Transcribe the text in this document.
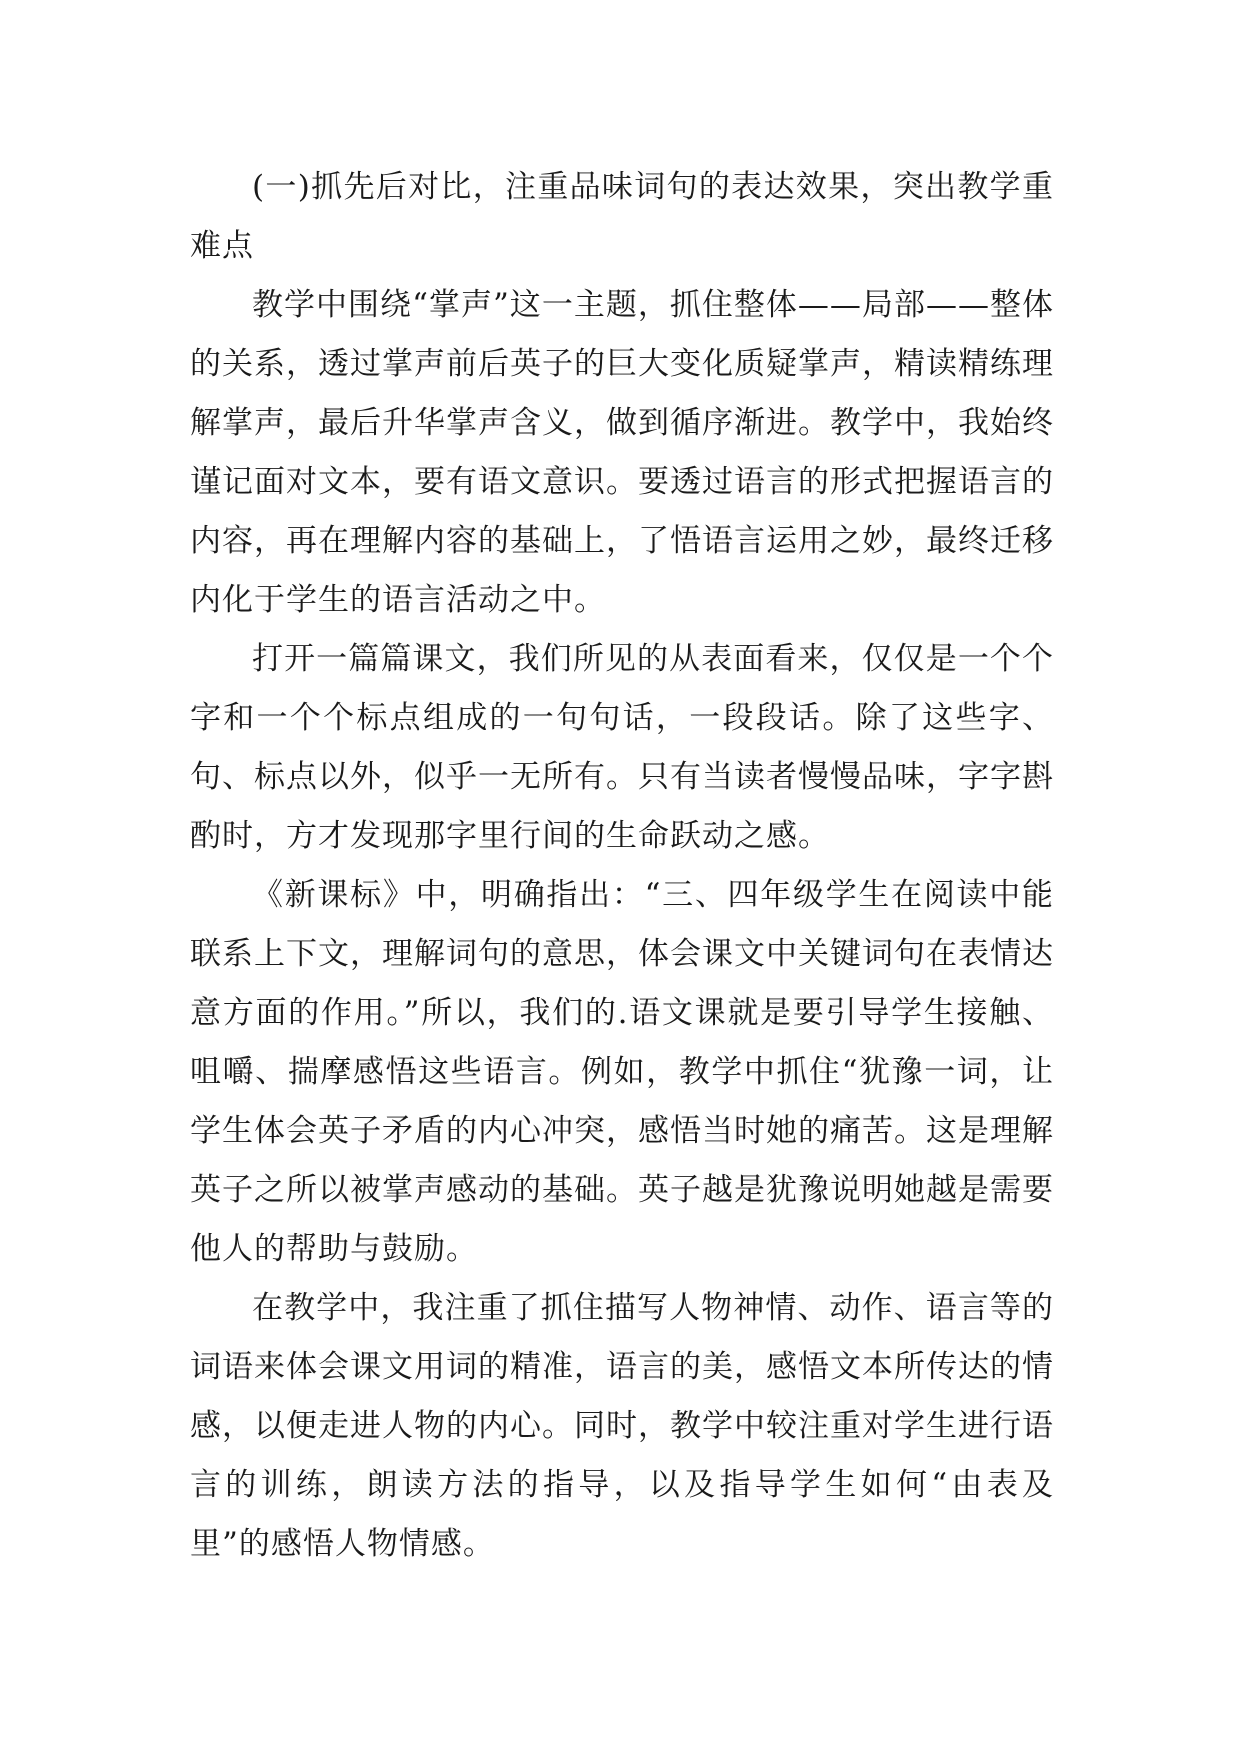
(一)抓先后对比，注重品味词句的表达效果，突出教学重难点

教学中围绕“掌声”这一主题，抓住整体——局部——整体的关系，透过掌声前后英子的巨大变化质疑掌声，精读精练理解掌声，最后升华掌声含义，做到循序渐进。教学中，我始终谨记面对文本，要有语文意识。要透过语言的形式把握语言的内容，再在理解内容的基础上，了悟语言运用之妙，最终迁移内化于学生的语言活动之中。

打开一篇篇课文，我们所见的从表面看来，仅仅是一个个字和一个个标点组成的一句句话，一段段话。除了这些字、句、标点以外，似乎一无所有。只有当读者慢慢品味，字字斟酌时，方才发现那字里行间的生命跃动之感。

《新课标》中，明确指出：“三、四年级学生在阅读中能联系上下文，理解词句的意思，体会课文中关键词句在表情达意方面的作用。”所以，我们的.语文课就是要引导学生接触、咀嚼、揣摩感悟这些语言。例如，教学中抓住“犹豫一词，让学生体会英子矛盾的内心冲突，感悟当时她的痛苦。这是理解英子之所以被掌声感动的基础。英子越是犹豫说明她越是需要他人的帮助与鼓励。

在教学中，我注重了抓住描写人物神情、动作、语言等的词语来体会课文用词的精准，语言的美，感悟文本所传达的情感，以便走进人物的内心。同时，教学中较注重对学生进行语言的训练，朗读方法的指导，以及指导学生如何“由表及里”的感悟人物情感。
